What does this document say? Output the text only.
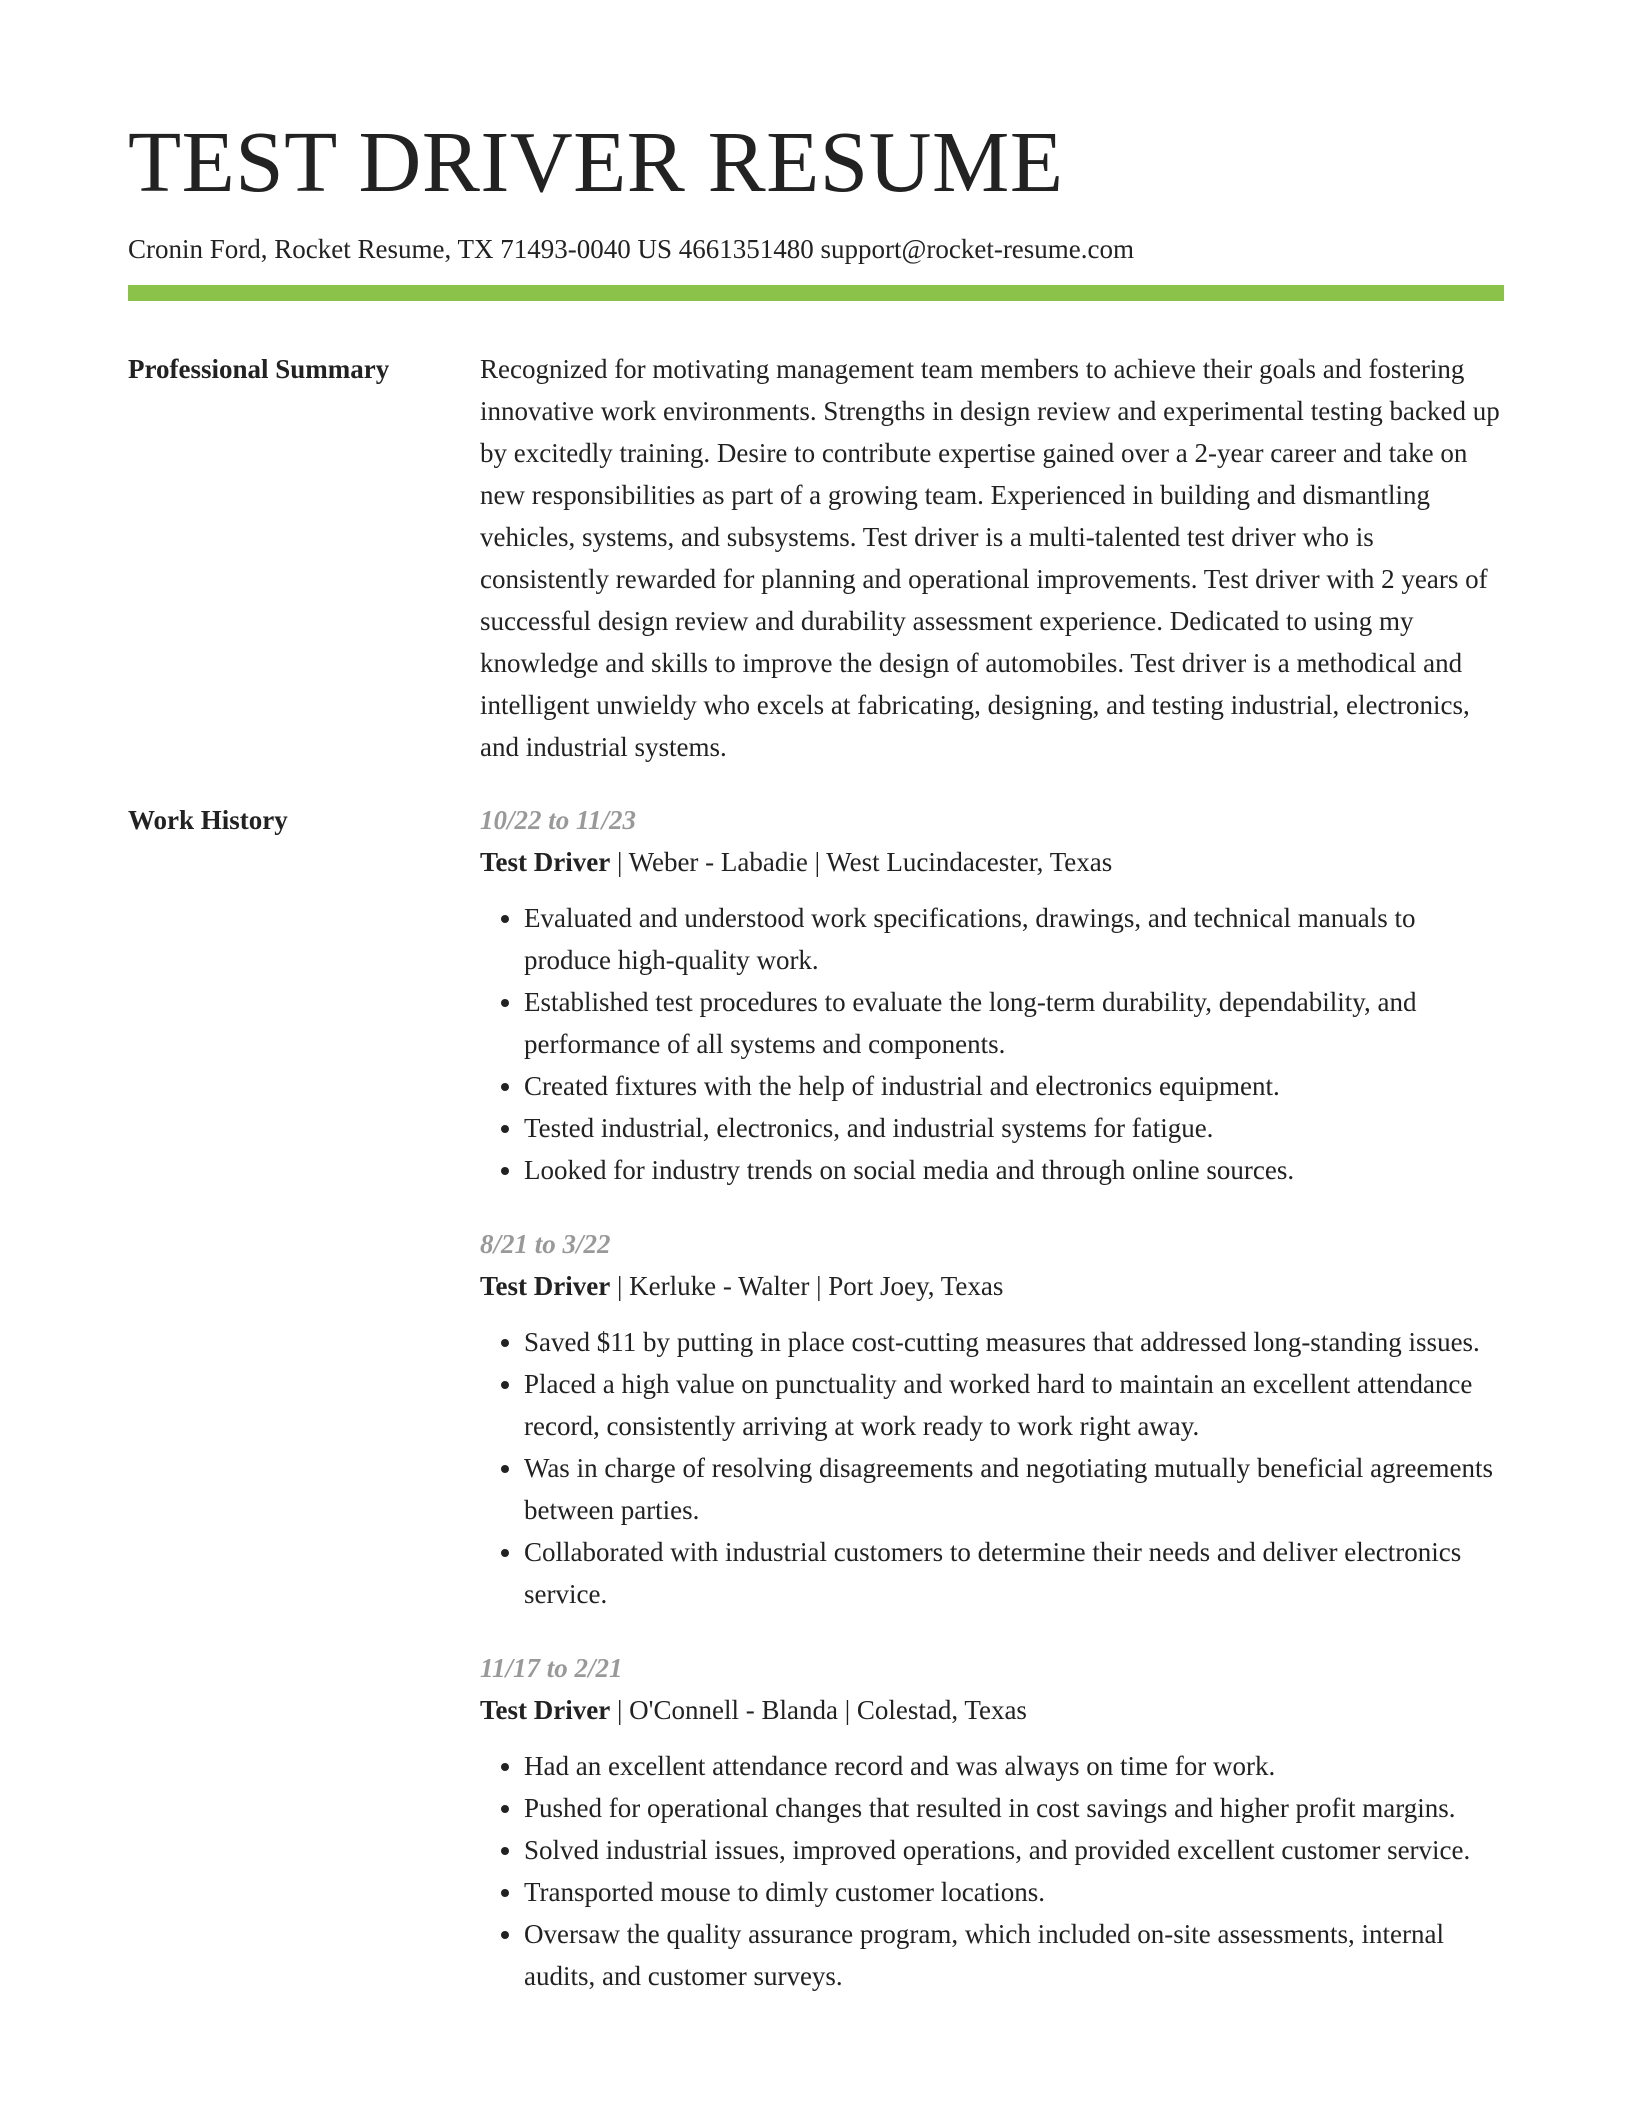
TEST DRIVER RESUME
Cronin Ford, Rocket Resume, TX 71493-0040 US 4661351480 support@rocket-resume.com
Professional Summary	Recognized for motivating management team members to achieve their goals and fostering innovative work environments. Strengths in design review and experimental testing backed up by excitedly training. Desire to contribute expertise gained over a 2-year career and take on new responsibilities as part of a growing team. Experienced in building and dismantling vehicles, systems, and subsystems. Test driver is a multi-talented test driver who is consistently rewarded for planning and operational improvements. Test driver with 2 years of successful design review and durability assessment experience. Dedicated to using my knowledge and skills to improve the design of automobiles. Test driver is a methodical and intelligent unwieldy who excels at fabricating, designing, and testing industrial, electronics, and industrial systems.

Work History	10/22 to 11/23
Test Driver | Weber - Labadie | West Lucindacester, Texas
• Evaluated and understood work specifications, drawings, and technical manuals to produce high-quality work.
• Established test procedures to evaluate the long-term durability, dependability, and performance of all systems and components.
• Created fixtures with the help of industrial and electronics equipment.
• Tested industrial, electronics, and industrial systems for fatigue.
• Looked for industry trends on social media and through online sources.
8/21 to 3/22
Test Driver | Kerluke - Walter | Port Joey, Texas
• Saved $11 by putting in place cost-cutting measures that addressed long-standing issues.
• Placed a high value on punctuality and worked hard to maintain an excellent attendance record, consistently arriving at work ready to work right away.
• Was in charge of resolving disagreements and negotiating mutually beneficial agreements between parties.
• Collaborated with industrial customers to determine their needs and deliver electronics service.
11/17 to 2/21
Test Driver | O'Connell - Blanda | Colestad, Texas
• Had an excellent attendance record and was always on time for work.
• Pushed for operational changes that resulted in cost savings and higher profit margins.
• Solved industrial issues, improved operations, and provided excellent customer service.
• Transported mouse to dimly customer locations.
• Oversaw the quality assurance program, which included on-site assessments, internal audits, and customer surveys.
